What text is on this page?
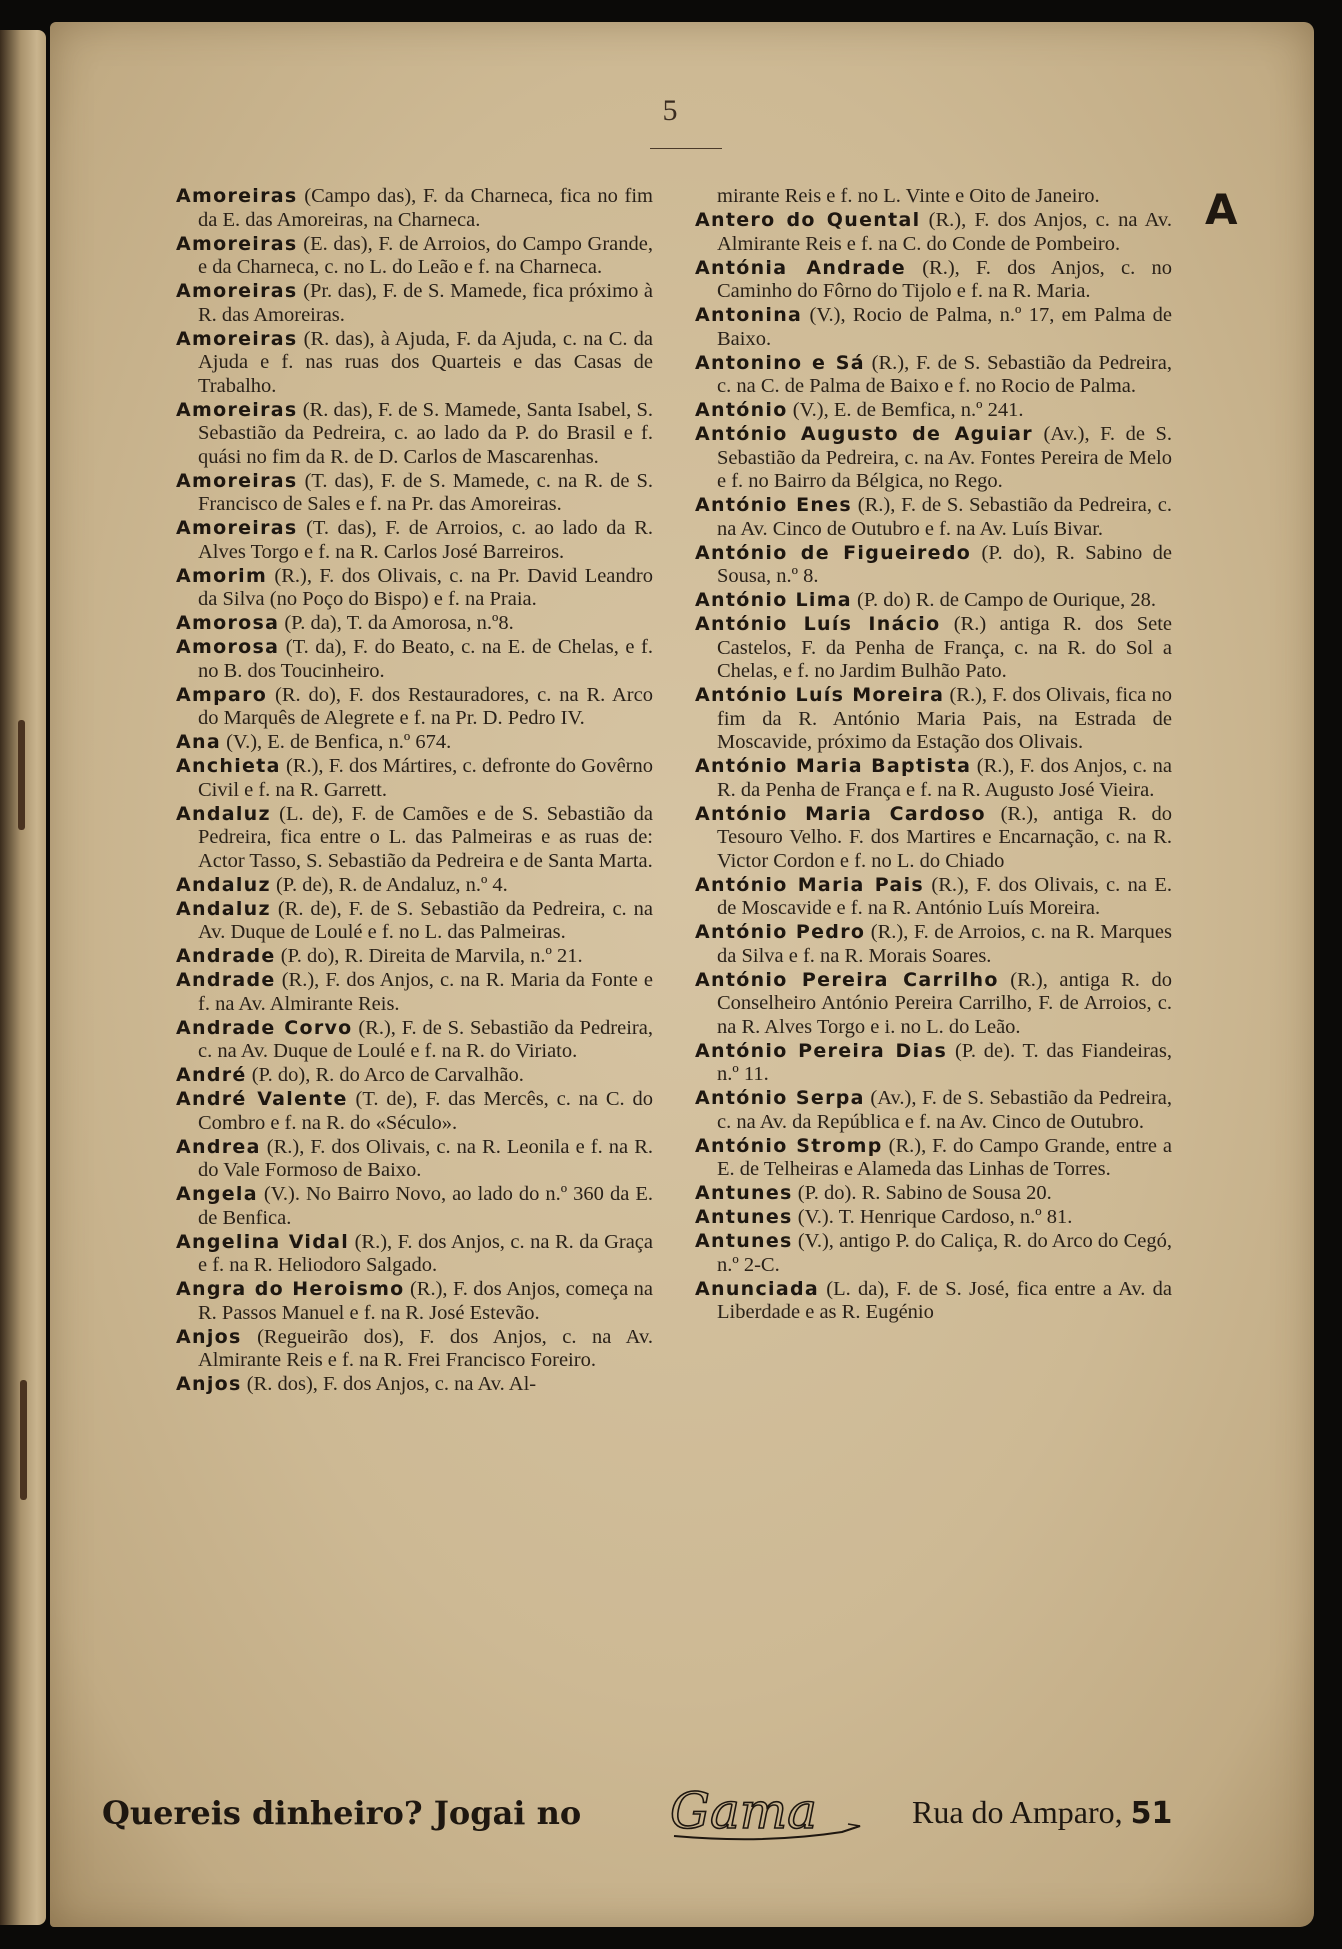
5
A
Amoreiras (Campo das), F. da Charneca, fica no fim da E. das Amoreiras, na Charneca.
Amoreiras (E. das), F. de Arroios, do Campo Grande, e da Charneca, c. no L. do Leão e f. na Charneca.
Amoreiras (Pr. das), F. de S. Mamede, fica próximo à R. das Amoreiras.
Amoreiras (R. das), à Ajuda, F. da Ajuda, c. na C. da Ajuda e f. nas ruas dos Quarteis e das Casas de Trabalho.
Amoreiras (R. das), F. de S. Mamede, Santa Isabel, S. Sebastião da Pedreira, c. ao lado da P. do Brasil e f. quási no fim da R. de D. Carlos de Mascarenhas.
Amoreiras (T. das), F. de S. Mamede, c. na R. de S. Francisco de Sales e f. na Pr. das Amoreiras.
Amoreiras (T. das), F. de Arroios, c. ao lado da R. Alves Torgo e f. na R. Carlos José Barreiros.
Amorim (R.), F. dos Olivais, c. na Pr. David Leandro da Silva (no Poço do Bispo) e f. na Praia.
Amorosa (P. da), T. da Amorosa, n.º8.
Amorosa (T. da), F. do Beato, c. na E. de Chelas, e f. no B. dos Toucinheiro.
Amparo (R. do), F. dos Restauradores, c. na R. Arco do Marquês de Alegrete e f. na Pr. D. Pedro IV.
Ana (V.), E. de Benfica, n.º 674.
Anchieta (R.), F. dos Mártires, c. defronte do Govêrno Civil e f. na R. Garrett.
Andaluz (L. de), F. de Camões e de S. Sebastião da Pedreira, fica entre o L. das Palmeiras e as ruas de: Actor Tasso, S. Sebastião da Pedreira e de Santa Marta.
Andaluz (P. de), R. de Andaluz, n.º 4.
Andaluz (R. de), F. de S. Sebastião da Pedreira, c. na Av. Duque de Loulé e f. no L. das Palmeiras.
Andrade (P. do), R. Direita de Marvila, n.º 21.
Andrade (R.), F. dos Anjos, c. na R. Maria da Fonte e f. na Av. Almirante Reis.
Andrade Corvo (R.), F. de S. Sebastião da Pedreira, c. na Av. Duque de Loulé e f. na R. do Viriato.
André (P. do), R. do Arco de Carvalhão.
André Valente (T. de), F. das Mercês, c. na C. do Combro e f. na R. do «Século».
Andrea (R.), F. dos Olivais, c. na R. Leonila e f. na R. do Vale Formoso de Baixo.
Angela (V.). No Bairro Novo, ao lado do n.º 360 da E. de Benfica.
Angelina Vidal (R.), F. dos Anjos, c. na R. da Graça e f. na R. Heliodoro Salgado.
Angra do Heroismo (R.), F. dos Anjos, começa na R. Passos Manuel e f. na R. José Estevão.
Anjos (Regueirão dos), F. dos Anjos, c. na Av. Almirante Reis e f. na R. Frei Francisco Foreiro.
Anjos (R. dos), F. dos Anjos, c. na Av. Al-
mirante Reis e f. no L. Vinte e Oito de Janeiro.
Antero do Quental (R.), F. dos Anjos, c. na Av. Almirante Reis e f. na C. do Conde de Pombeiro.
Antónia Andrade (R.), F. dos Anjos, c. no Caminho do Fôrno do Tijolo e f. na R. Maria.
Antonina (V.), Rocio de Palma, n.º 17, em Palma de Baixo.
Antonino e Sá (R.), F. de S. Sebastião da Pedreira, c. na C. de Palma de Baixo e f. no Rocio de Palma.
António (V.), E. de Bemfica, n.º 241.
António Augusto de Aguiar (Av.), F. de S. Sebastião da Pedreira, c. na Av. Fontes Pereira de Melo e f. no Bairro da Bélgica, no Rego.
António Enes (R.), F. de S. Sebastião da Pedreira, c. na Av. Cinco de Outubro e f. na Av. Luís Bivar.
António de Figueiredo (P. do), R. Sabino de Sousa, n.º 8.
António Lima (P. do) R. de Campo de Ourique, 28.
António Luís Inácio (R.) antiga R. dos Sete Castelos, F. da Penha de França, c. na R. do Sol a Chelas, e f. no Jardim Bulhão Pato.
António Luís Moreira (R.), F. dos Olivais, fica no fim da R. António Maria Pais, na Estrada de Moscavide, próximo da Estação dos Olivais.
António Maria Baptista (R.), F. dos Anjos, c. na R. da Penha de França e f. na R. Augusto José Vieira.
António Maria Cardoso (R.), antiga R. do Tesouro Velho. F. dos Martires e Encarnação, c. na R. Victor Cordon e f. no L. do Chiado
António Maria Pais (R.), F. dos Olivais, c. na E. de Moscavide e f. na R. António Luís Moreira.
António Pedro (R.), F. de Arroios, c. na R. Marques da Silva e f. na R. Morais Soares.
António Pereira Carrilho (R.), antiga R. do Conselheiro António Pereira Carrilho, F. de Arroios, c. na R. Alves Torgo e i. no L. do Leão.
António Pereira Dias (P. de). T. das Fiandeiras, n.º 11.
António Serpa (Av.), F. de S. Sebastião da Pedreira, c. na Av. da República e f. na Av. Cinco de Outubro.
António Stromp (R.), F. do Campo Grande, entre a E. de Telheiras e Alameda das Linhas de Torres.
Antunes (P. do). R. Sabino de Sousa 20.
Antunes (V.). T. Henrique Cardoso, n.º 81.
Antunes (V.), antigo P. do Caliça, R. do Arco do Cegó, n.º 2-C.
Anunciada (L. da), F. de S. José, fica entre a Av. da Liberdade e as R. Eugénio
Quereis dinheiro? Jogai no Gama	Rua do Amparo, 51
